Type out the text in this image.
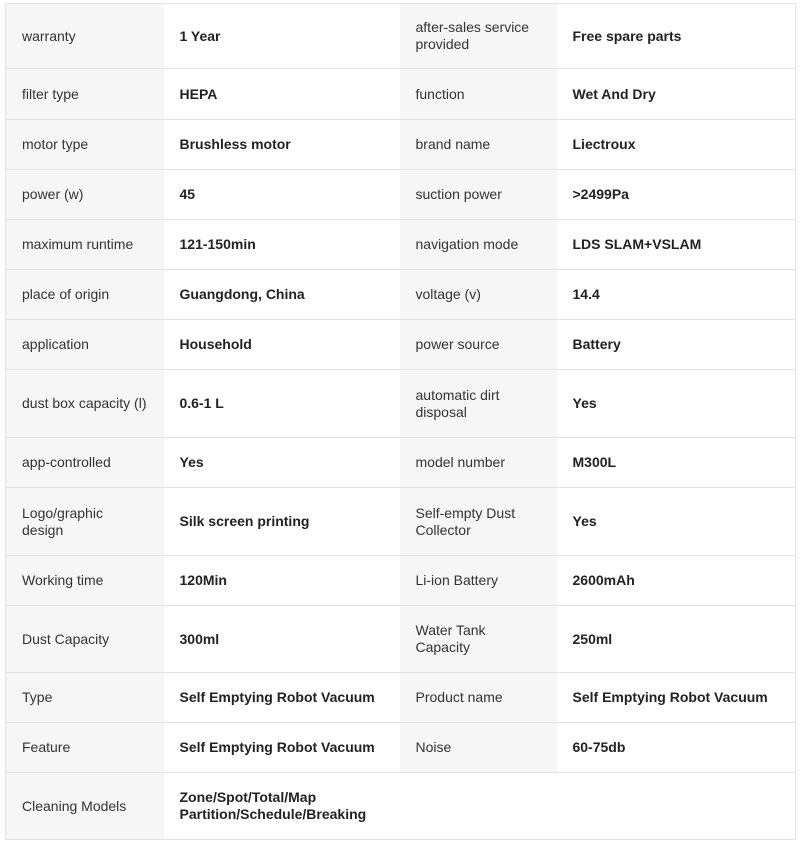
warranty	1 Year	after-sales service provided	Free spare parts
filter type	HEPA	function	Wet And Dry
motor type	Brushless motor	brand name	Liectroux
power (w)	45	suction power	>2499Pa
maximum runtime	121-150min	navigation mode	LDS SLAM+VSLAM
place of origin	Guangdong, China	voltage (v)	14.4
application	Household	power source	Battery
dust box capacity (l)	0.6-1 L	automatic dirt disposal	Yes
app-controlled	Yes	model number	M300L
Logo/graphic design	Silk screen printing	Self-empty Dust Collector	Yes
Working time	120Min	Li-ion Battery	2600mAh
Dust Capacity	300ml	Water Tank Capacity	250ml
Type	Self Emptying Robot Vacuum	Product name	Self Emptying Robot Vacuum
Feature	Self Emptying Robot Vacuum	Noise	60-75db
Cleaning Models	Zone/Spot/Total/Map Partition/Schedule/Breaking		
